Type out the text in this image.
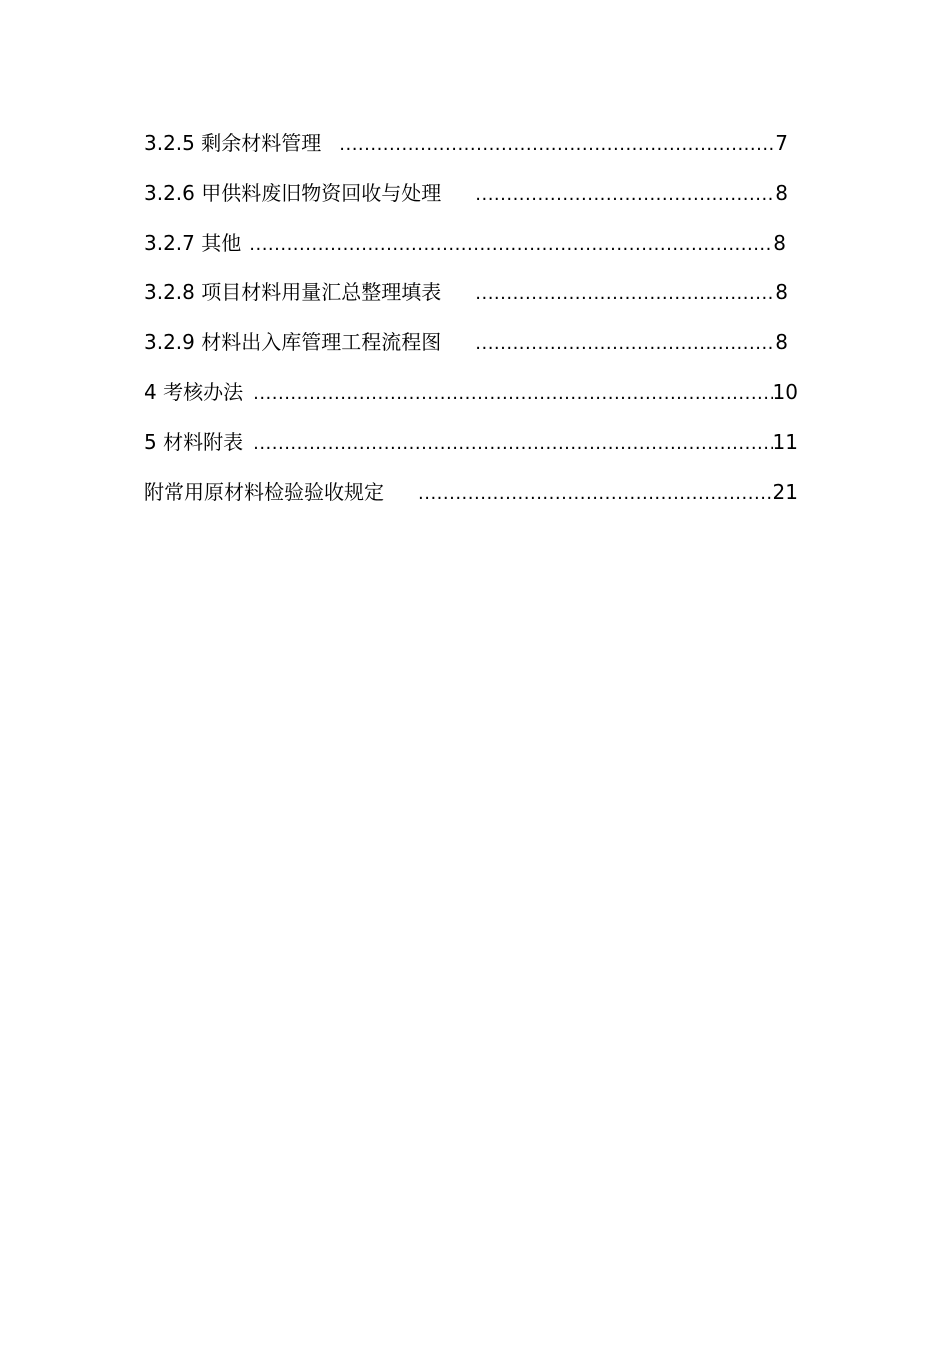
3.2.5 剩余材料管理 .....	7
3.2.6 甲供料废旧物资回收与处理 .....	8
3.2.7 其他 .....	8
3.2.8 项目材料用量汇总整理填表 .....	8
3.2.9 材料出入库管理工程流程图 .....	8
4 考核办法 .....	10
5 材料附表 .....	11
附常用原材料检验验收规定 .....	21
